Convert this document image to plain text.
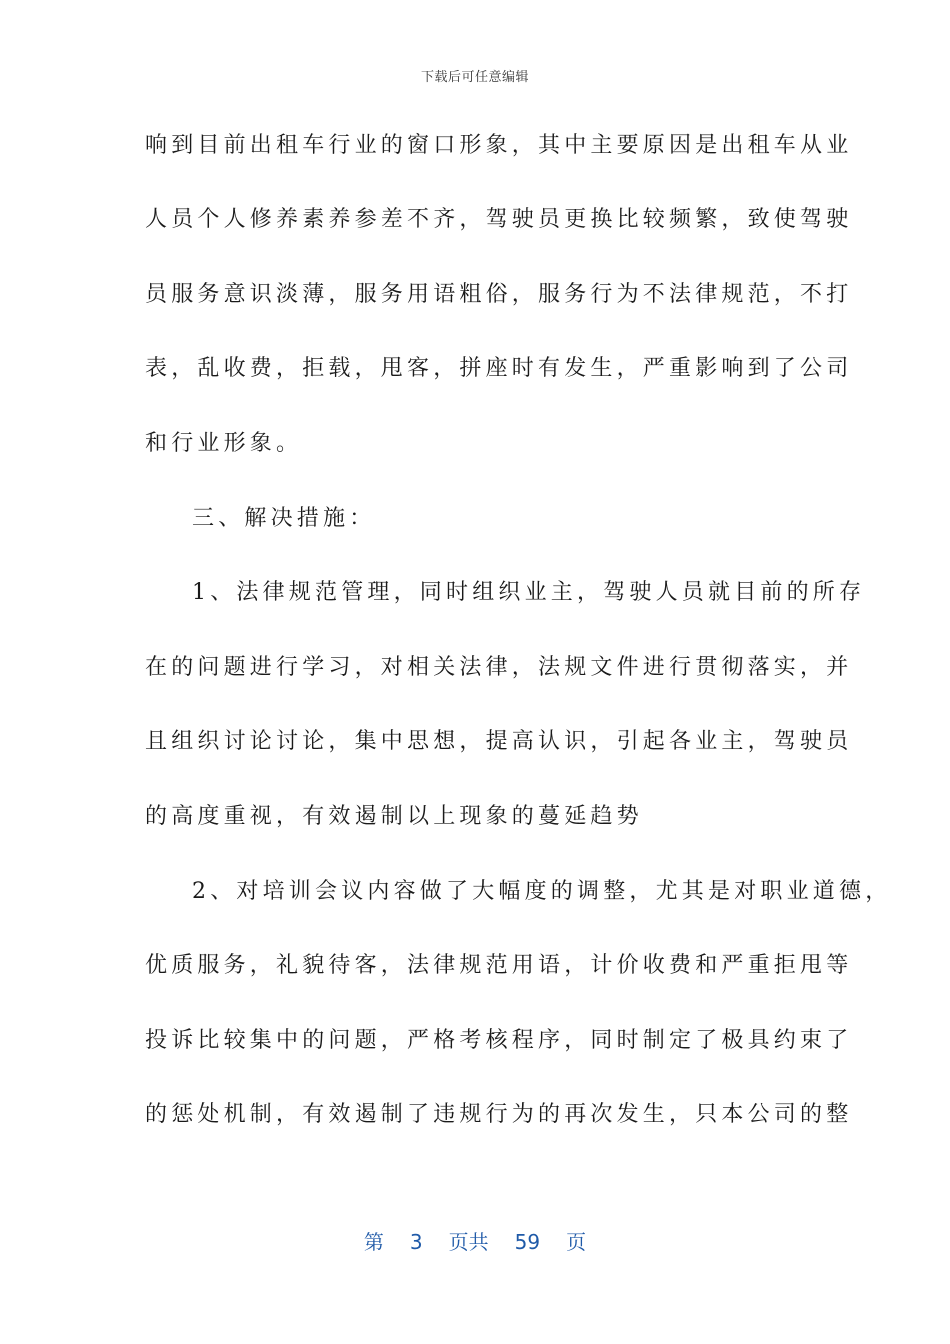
下载后可任意编辑
响到目前出租车行业的窗口形象，其中主要原因是出租车从业
人员个人修养素养参差不齐，驾驶员更换比较频繁，致使驾驶
员服务意识淡薄，服务用语粗俗，服务行为不法律规范，不打
表，乱收费，拒载，甩客，拼座时有发生，严重影响到了公司
和行业形象。
三、解决措施：
1、法律规范管理，同时组织业主，驾驶人员就目前的所存
在的问题进行学习，对相关法律，法规文件进行贯彻落实，并
且组织讨论讨论，集中思想，提高认识，引起各业主，驾驶员
的高度重视，有效遏制以上现象的蔓延趋势
2、对培训会议内容做了大幅度的调整，尤其是对职业道德，
优质服务，礼貌待客，法律规范用语，计价收费和严重拒甩等
投诉比较集中的问题，严格考核程序，同时制定了极具约束了
的惩处机制，有效遏制了违规行为的再次发生，只本公司的整
第 3 页共 59 页
